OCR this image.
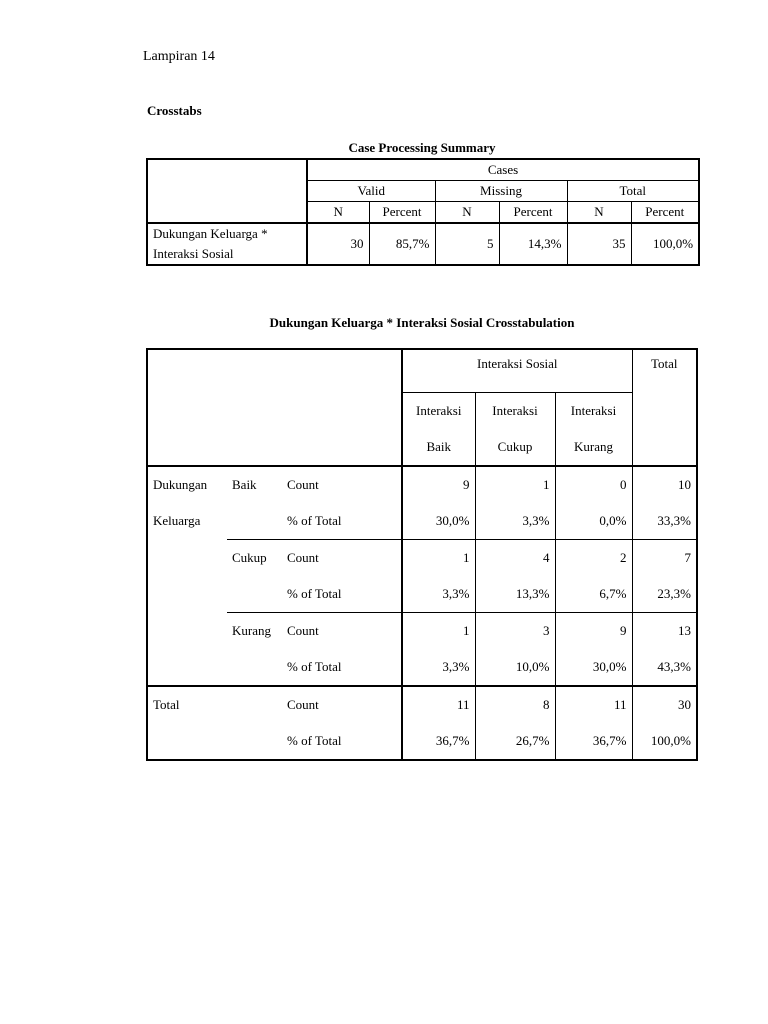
Lampiran 14
Crosstabs
Case Processing Summary
	Cases					
	Valid		Missing		Total	
	N	Percent	N	Percent	N	Percent
Dukungan Keluarga * Interaksi Sosial	30	85,7%	5	14,3%	35	100,0%
Dukungan Keluarga * Interaksi Sosial Crosstabulation
			Interaksi Sosial			Total
			Interaksi	Interaksi	Interaksi	
			Baik	Cukup	Kurang	
Dukungan	Baik	Count	9	1	0	10
Keluarga		% of Total	30,0%	3,3%	0,0%	33,3%
	Cukup	Count	1	4	2	7
		% of Total	3,3%	13,3%	6,7%	23,3%
	Kurang	Count	1	3	9	13
		% of Total	3,3%	10,0%	30,0%	43,3%
Total		Count	11	8	11	30
		% of Total	36,7%	26,7%	36,7%	100,0%
